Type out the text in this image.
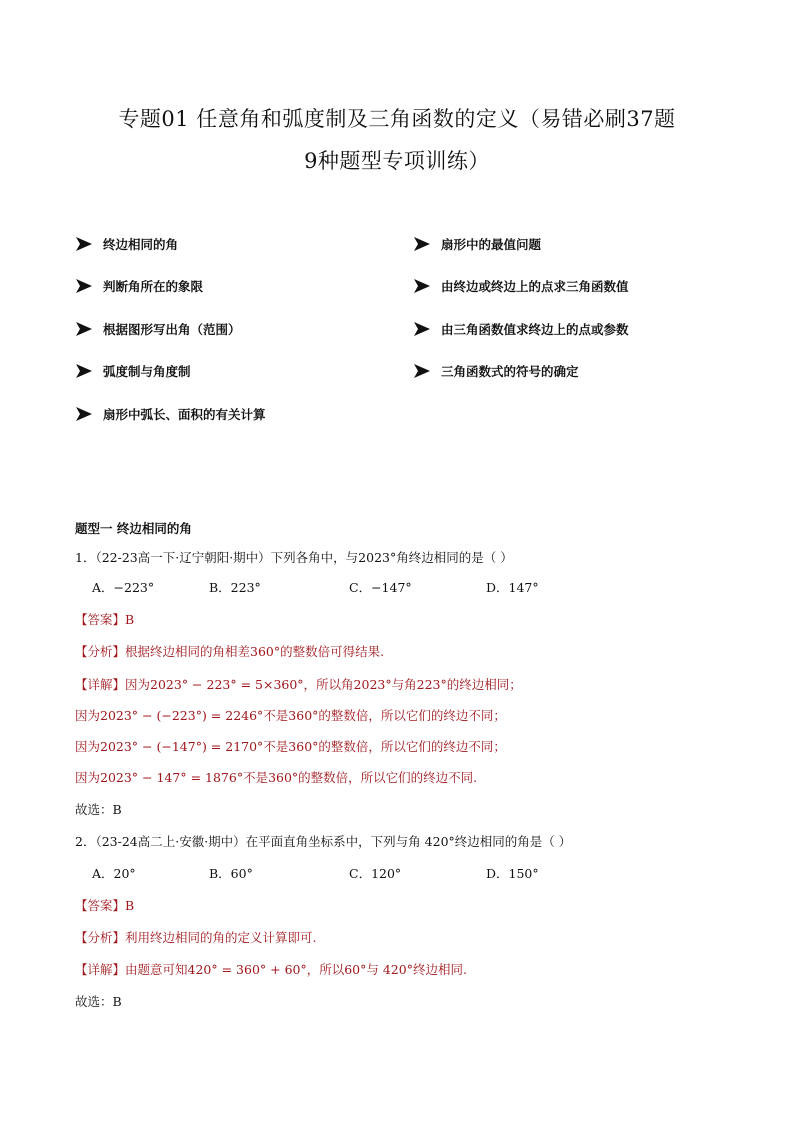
专题01 任意角和弧度制及三角函数的定义（易错必刷37题
9种题型专项训练）
终边相同的角
判断角所在的象限
根据图形写出角（范围）
弧度制与角度制
扇形中弧长、面积的有关计算
扇形中的最值问题
由终边或终边上的点求三角函数值
由三角函数值求终边上的点或参数
三角函数式的符号的确定
题型一 终边相同的角
1．（22-23高一下·辽宁朝阳·期中）下列各角中，与2023°角终边相同的是（ ）
A．−223°	B．223°	C．−147°	D．147°
【答案】B
【分析】根据终边相同的角相差360°的整数倍可得结果.
【详解】因为2023° − 223° = 5×360°，所以角2023°与角223°的终边相同；
因为2023° − (−223°) = 2246°不是360°的整数倍，所以它们的终边不同；
因为2023° − (−147°) = 2170°不是360°的整数倍，所以它们的终边不同；
因为2023° − 147° = 1876°不是360°的整数倍，所以它们的终边不同.
故选：B
2．（23-24高二上·安徽·期中）在平面直角坐标系中，下列与角 420°终边相同的角是（ ）
A．20°	B．60°	C．120°	D．150°
【答案】B
【分析】利用终边相同的角的定义计算即可.
【详解】由题意可知420° = 360° + 60°，所以60°与 420°终边相同.
故选：B
